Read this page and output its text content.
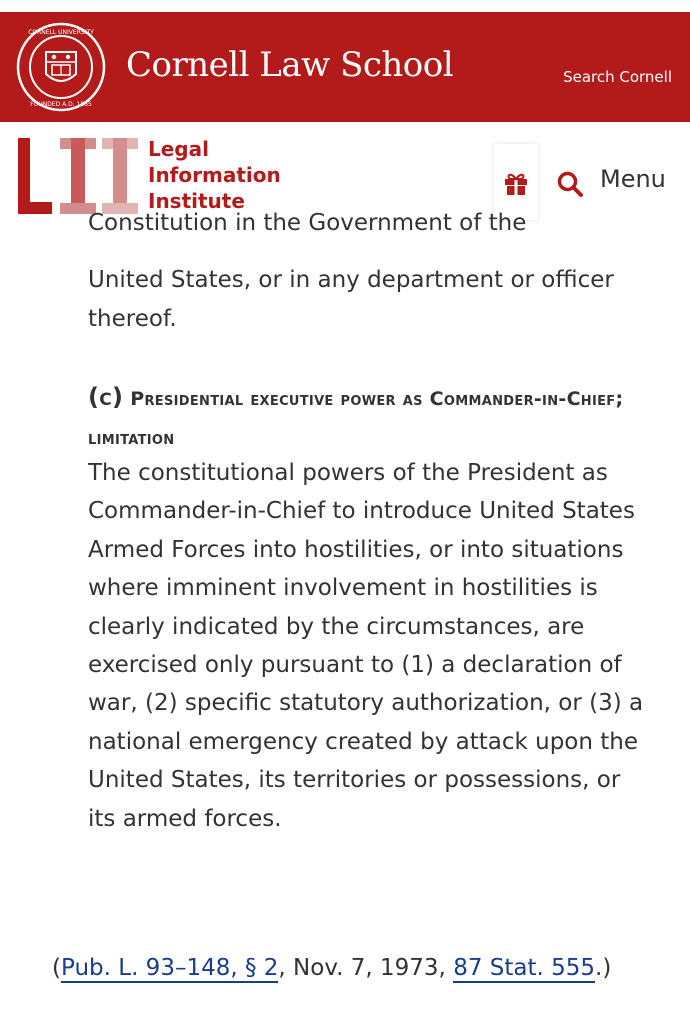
CORNELL UNIVERSITY
FOUNDED A.D. 1865
Cornell Law School	Search Cornell
Legal
Information
Institute
Menu
Constitution in the Government of the
United States, or in any department or officer thereof.
(c) Presidential executive power as Commander-in-Chief; limitation
The constitutional powers of the President as Commander-in-Chief to introduce United States Armed Forces into hostilities, or into situations where imminent involvement in hostilities is clearly indicated by the circumstances, are exercised only pursuant to (1) a declaration of war, (2) specific statutory authorization, or (3) a national emergency created by attack upon the United States, its territories or possessions, or its armed forces.
(Pub. L. 93–148, § 2, Nov. 7, 1973, 87 Stat. 555.)
